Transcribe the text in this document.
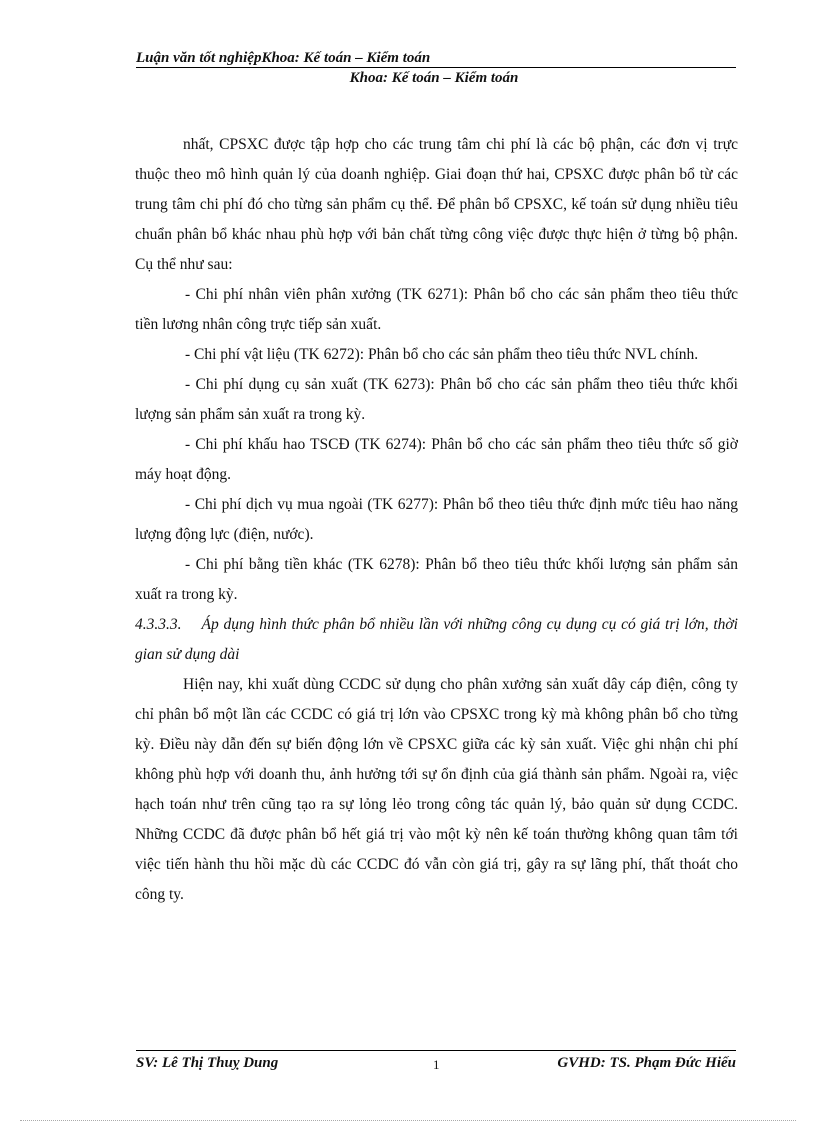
Luận văn tốt nghiệpKhoa: Kế toán – Kiểm toán
Khoa: Kế toán – Kiểm toán

nhất, CPSXC được tập hợp cho các trung tâm chi phí là các bộ phận, các đơn vị trực thuộc theo mô hình quản lý của doanh nghiệp. Giai đoạn thứ hai, CPSXC được phân bổ từ các trung tâm chi phí đó cho từng sản phẩm cụ thể. Để phân bổ CPSXC, kế toán sử dụng nhiều tiêu chuẩn phân bổ khác nhau phù hợp với bản chất từng công việc được thực hiện ở từng bộ phận. Cụ thể như sau:

- Chi phí nhân viên phân xưởng (TK 6271): Phân bổ cho các sản phẩm theo tiêu thức tiền lương nhân công trực tiếp sản xuất.

- Chi phí vật liệu (TK 6272): Phân bổ cho các sản phẩm theo tiêu thức NVL chính.

- Chi phí dụng cụ sản xuất (TK 6273): Phân bổ cho các sản phẩm theo tiêu thức khối lượng sản phẩm sản xuất ra trong kỳ.

- Chi phí khấu hao TSCĐ (TK 6274): Phân bổ cho các sản phẩm theo tiêu thức số giờ máy hoạt động.

- Chi phí dịch vụ mua ngoài (TK 6277): Phân bổ theo tiêu thức định mức tiêu hao năng lượng động lực (điện, nước).

- Chi phí bằng tiền khác (TK 6278): Phân bổ theo tiêu thức khối lượng sản phẩm sản xuất ra trong kỳ.

4.3.3.3. Áp dụng hình thức phân bổ nhiều lần với những công cụ dụng cụ có giá trị lớn, thời gian sử dụng dài

Hiện nay, khi xuất dùng CCDC sử dụng cho phân xưởng sản xuất dây cáp điện, công ty chỉ phân bổ một lần các CCDC có giá trị lớn vào CPSXC trong kỳ mà không phân bổ cho từng kỳ. Điều này dẫn đến sự biến động lớn về CPSXC giữa các kỳ sản xuất. Việc ghi nhận chi phí không phù hợp với doanh thu, ảnh hưởng tới sự ổn định của giá thành sản phẩm. Ngoài ra, việc hạch toán như trên cũng tạo ra sự lỏng lẻo trong công tác quản lý, bảo quản sử dụng CCDC. Những CCDC đã được phân bổ hết giá trị vào một kỳ nên kế toán thường không quan tâm tới việc tiến hành thu hồi mặc dù các CCDC đó vẫn còn giá trị, gây ra sự lãng phí, thất thoát cho công ty.

SV: Lê Thị Thuỵ Dung	1	GVHD: TS. Phạm Đức Hiếu
